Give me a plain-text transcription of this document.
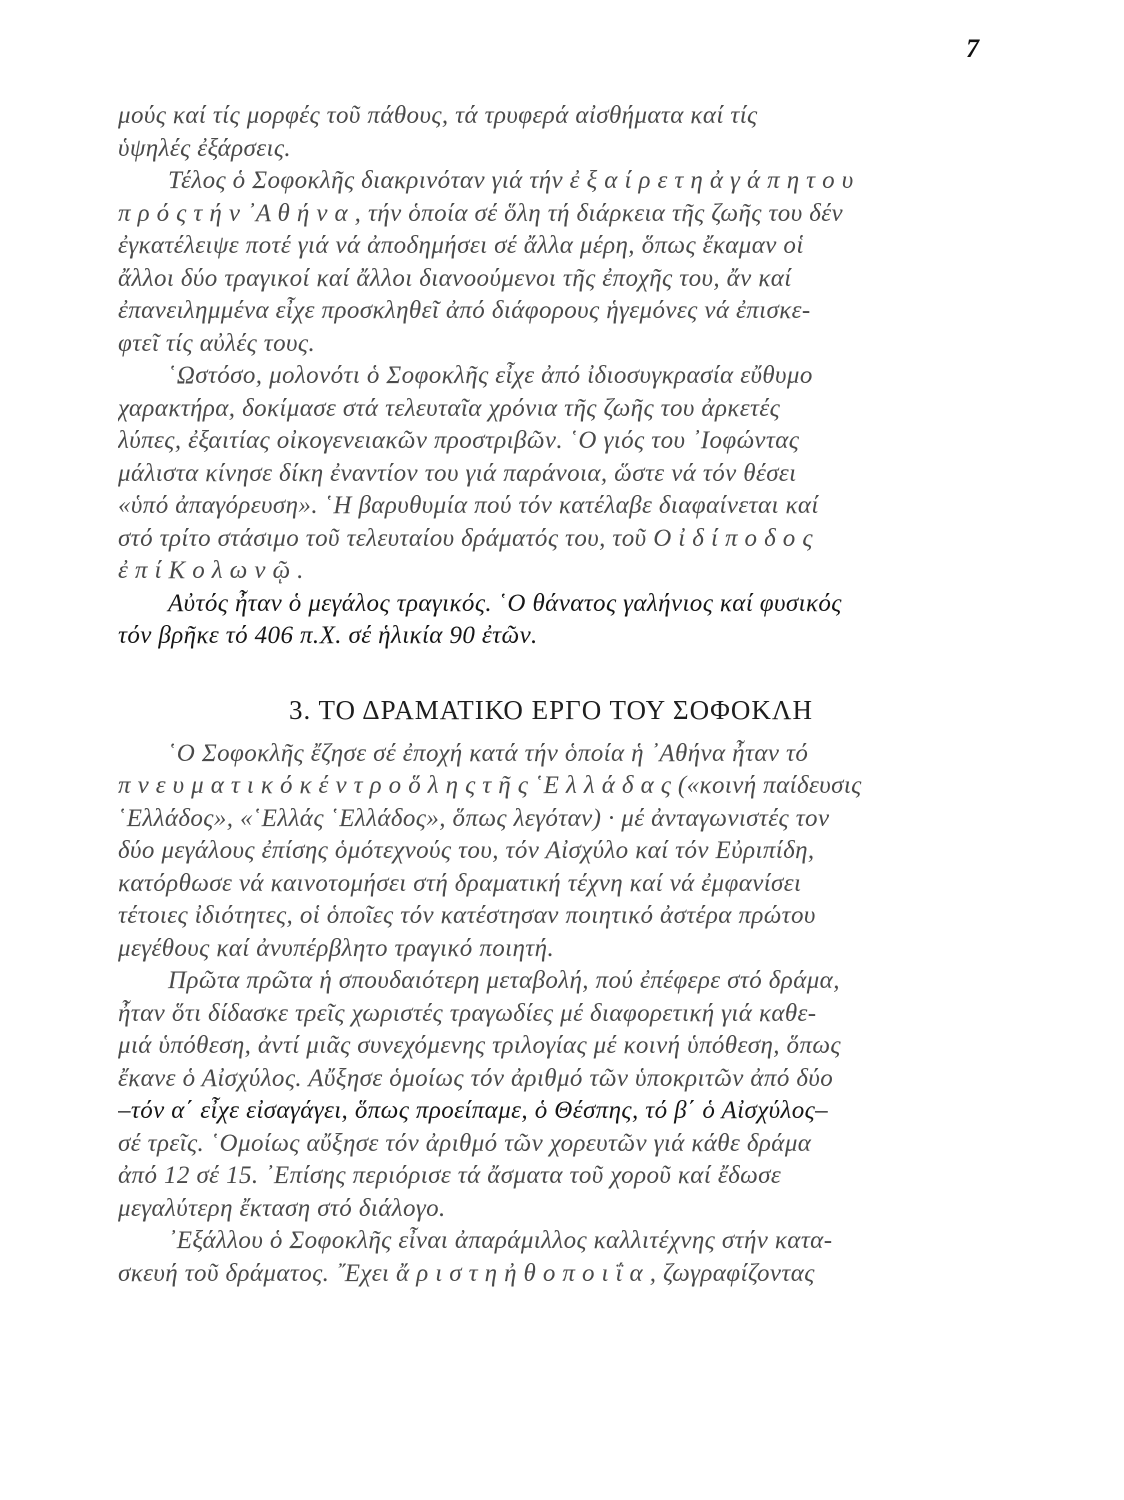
7
μούς καί τίς μορφές τοῦ πάθους, τά τρυφερά αἰσθήματα καί τίς
ὑψηλές ἐξάρσεις.
Τέλος ὁ Σοφοκλῆς διακρινόταν γιά τήν ἐ ξ α ί ρ ε τ η ἀ γ ά π η τ ο υ
π ρ ό ς τ ή ν ᾿Α θ ή ν α , τήν ὁποία σέ ὅλη τή διάρκεια τῆς ζωῆς του δέν
ἐγκατέλειψε ποτέ γιά νά ἀποδημήσει σέ ἄλλα μέρη, ὅπως ἔκαμαν οἱ
ἄλλοι δύο τραγικοί καί ἄλλοι διανοούμενοι τῆς ἐποχῆς του, ἄν καί
ἐπανειλημμένα εἶχε προσκληθεῖ ἀπό διάφορους ἡγεμόνες νά ἐπισκε-
φτεῖ τίς αὐλές τους.
῾Ωστόσο, μολονότι ὁ Σοφοκλῆς εἶχε ἀπό ἰδιοσυγκρασία εὔθυμο
χαρακτήρα, δοκίμασε στά τελευταῖα χρόνια τῆς ζωῆς του ἀρκετές
λύπες, ἐξαιτίας οἰκογενειακῶν προστριβῶν. ῾Ο γιός του ᾿Ιοφώντας
μάλιστα κίνησε δίκη ἐναντίον του γιά παράνοια, ὥστε νά τόν θέσει
«ὑπό ἀπαγόρευση». ῾Η βαρυθυμία πού τόν κατέλαβε διαφαίνεται καί
στό τρίτο στάσιμο τοῦ τελευταίου δράματός του, τοῦ Ο ἰ δ ί π ο δ ο ς
ἐ π ί Κ ο λ ω ν ῷ .
Αὐτός ἦταν ὁ μεγάλος τραγικός. ῾Ο θάνατος γαλήνιος καί φυσικός
τόν βρῆκε τό 406 π.Χ. σέ ἡλικία 90 ἐτῶν.
3. ΤΟ ΔΡΑΜΑΤΙΚΟ ΕΡΓΟ ΤΟΥ ΣΟΦΟΚΛΗ
῾Ο Σοφοκλῆς ἔζησε σέ ἐποχή κατά τήν ὁποία ἡ ᾿Αθήνα ἦταν τό
π ν ε υ μ α τ ι κ ό κ έ ν τ ρ ο ὅ λ η ς τ ῆ ς ῾Ε λ λ ά δ α ς («κοινή παίδευσις
῾Ελλάδος», «῾Ελλάς ῾Ελλάδος», ὅπως λεγόταν) · μέ ἀνταγωνιστές τον
δύο μεγάλους ἐπίσης ὁμότεχνούς του, τόν Αἰσχύλο καί τόν Εὐριπίδη,
κατόρθωσε νά καινοτομήσει στή δραματική τέχνη καί νά ἐμφανίσει
τέτοιες ἰδιότητες, οἱ ὁποῖες τόν κατέστησαν ποιητικό ἀστέρα πρώτου
μεγέθους καί ἀνυπέρβλητο τραγικό ποιητή.
Πρῶτα πρῶτα ἡ σπουδαιότερη μεταβολή, πού ἐπέφερε στό δράμα,
ἦταν ὅτι δίδασκε τρεῖς χωριστές τραγωδίες μέ διαφορετική γιά καθε-
μιά ὑπόθεση, ἀντί μιᾶς συνεχόμενης τριλογίας μέ κοινή ὑπόθεση, ὅπως
ἔκανε ὁ Αἰσχύλος. Αὔξησε ὁμοίως τόν ἀριθμό τῶν ὑποκριτῶν ἀπό δύο
–τόν α΄ εἶχε εἰσαγάγει, ὅπως προείπαμε, ὁ Θέσπης, τό β΄ ὁ Αἰσχύλος–
σέ τρεῖς. ῾Ομοίως αὔξησε τόν ἀριθμό τῶν χορευτῶν γιά κάθε δράμα
ἀπό 12 σέ 15. ᾿Επίσης περιόρισε τά ἄσματα τοῦ χοροῦ καί ἔδωσε
μεγαλύτερη ἔκταση στό διάλογο.
᾿Εξάλλου ὁ Σοφοκλῆς εἶναι ἀπαράμιλλος καλλιτέχνης στήν κατα-
σκευή τοῦ δράματος. ῎Εχει ἄ ρ ι σ τ η ἠ θ ο π ο ι ΐ α , ζωγραφίζοντας
